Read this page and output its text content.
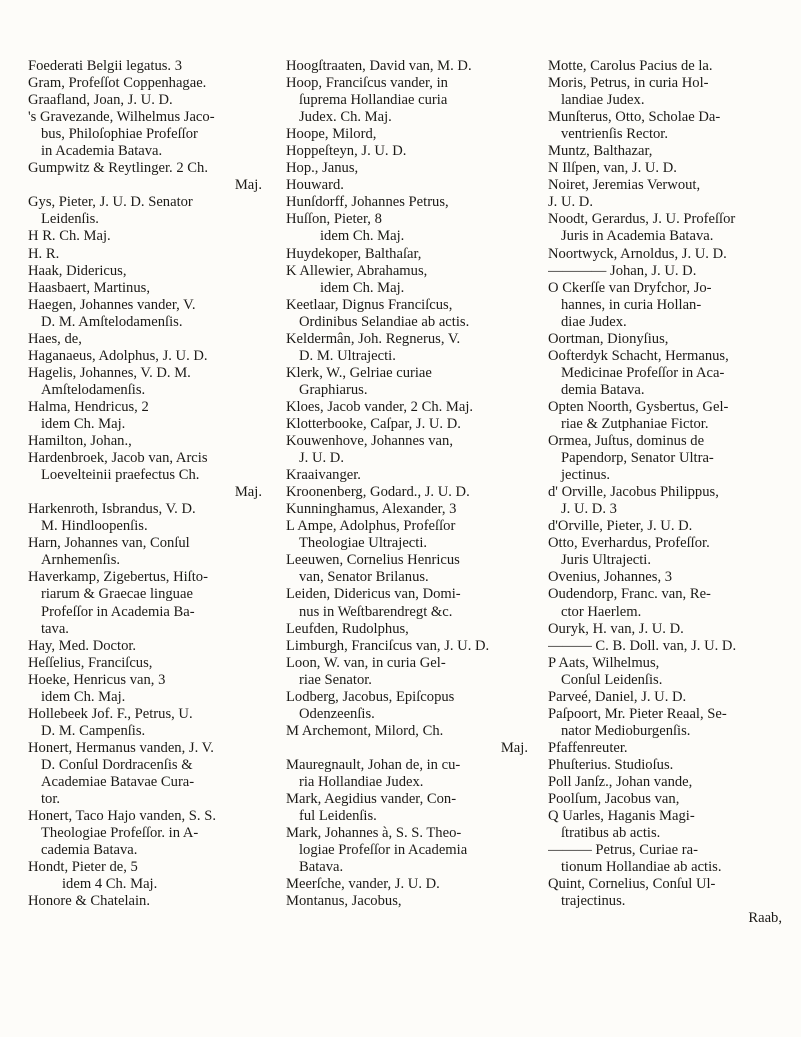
Foederati Belgii legatus. 3
Gram, Profeſſot Coppenhagae.
Graafland, Joan, J. U. D.
's Gravezande, Wilhelmus Jaco-
bus, Philoſophiae Profeſſor
in Academia Batava.
Gumpwitz & Reytlinger. 2 Ch.
Maj.
Gys, Pieter, J. U. D. Senator
Leidenſis.
H R. Ch. Maj.
H. R.
Haak, Didericus,
Haasbaert, Martinus,
Haegen, Johannes vander, V.
D. M. Amſtelodamenſis.
Haes, de,
Haganaeus, Adolphus, J. U. D.
Hagelis, Johannes, V. D. M.
Amſtelodamenſis.
Halma, Hendricus, 2
idem Ch. Maj.
Hamilton, Johan.,
Hardenbroek, Jacob van, Arcis
Loevelteinii praefectus Ch.
Maj.
Harkenroth, Isbrandus, V. D.
M. Hindloopenſis.
Harn, Johannes van, Conſul
Arnhemenſis.
Haverkamp, Zigebertus, Hiſto-
riarum & Graecae linguae
Profeſſor in Academia Ba-
tava.
Hay, Med. Doctor.
Heſſelius, Franciſcus,
Hoeke, Henricus van, 3
idem Ch. Maj.
Hollebeek Jof. F., Petrus, U.
D. M. Campenſis.
Honert, Hermanus vanden, J. V.
D. Conſul Dordracenſis &
Academiae Batavae Cura-
tor.
Honert, Taco Hajo vanden, S. S.
Theologiae Profeſſor. in A-
cademia Batava.
Hondt, Pieter de, 5
idem 4 Ch. Maj.
Honore & Chatelain.
Hoogſtraaten, David van, M. D.
Hoop, Franciſcus vander, in
ſuprema Hollandiae curia
Judex. Ch. Maj.
Hoope, Milord,
Hoppeſteyn, J. U. D.
Hop., Janus,
Houward.
Hunſdorff, Johannes Petrus,
Huſſon, Pieter, 8
idem Ch. Maj.
Huydekoper, Balthaſar,
K Allewier, Abrahamus,
idem Ch. Maj.
Keetlaar, Dignus Franciſcus,
Ordinibus Selandiae ab actis.
Keldermân, Joh. Regnerus, V.
D. M. Ultrajecti.
Klerk, W., Gelriae curiae
Graphiarus.
Kloes, Jacob vander, 2 Ch. Maj.
Klotterbooke, Caſpar, J. U. D.
Kouwenhove, Johannes van,
J. U. D.
Kraaivanger.
Kroonenberg, Godard., J. U. D.
Kunninghamus, Alexander, 3
L Ampe, Adolphus, Profeſſor
Theologiae Ultrajecti.
Leeuwen, Cornelius Henricus
van, Senator Brilanus.
Leiden, Didericus van, Domi-
nus in Weſtbarendregt &c.
Leufden, Rudolphus,
Limburgh, Franciſcus van, J. U. D.
Loon, W. van, in curia Gel-
riae Senator.
Lodberg, Jacobus, Epiſcopus
Odenzeenſis.
M Archemont, Milord, Ch.
Maj.
Mauregnault, Johan de, in cu-
ria Hollandiae Judex.
Mark, Aegidius vander, Con-
ful Leidenſis.
Mark, Johannes à, S. S. Theo-
logiae Profeſſor in Academia
Batava.
Meerſche, vander, J. U. D.
Montanus, Jacobus,
Motte, Carolus Pacius de la.
Moris, Petrus, in curia Hol-
landiae Judex.
Munſterus, Otto, Scholae Da-
ventrienſis Rector.
Muntz, Balthazar,
N Ilſpen, van, J. U. D.
Noiret, Jeremias Verwout,
J. U. D.
Noodt, Gerardus, J. U. Profeſſor
Juris in Academia Batava.
Noortwyck, Arnoldus, J. U. D.
———— Johan, J. U. D.
O Ckerſſe van Dryfchor, Jo-
hannes, in curia Hollan-
diae Judex.
Oortman, Dionyſius,
Oofterdyk Schacht, Hermanus,
Medicinae Profeſſor in Aca-
demia Batava.
Opten Noorth, Gysbertus, Gel-
riae & Zutphaniae Fictor.
Ormea, Juſtus, dominus de
Papendorp, Senator Ultra-
jectinus.
d' Orville, Jacobus Philippus,
J. U. D. 3
d'Orville, Pieter, J. U. D.
Otto, Everhardus, Profeſſor.
Juris Ultrajecti.
Ovenius, Johannes, 3
Oudendorp, Franc. van, Re-
ctor Haerlem.
Ouryk, H. van, J. U. D.
——— C. B. Doll. van, J. U. D.
P Aats, Wilhelmus,
Conſul Leidenſis.
Parveé, Daniel, J. U. D.
Paſpoort, Mr. Pieter Reaal, Se-
nator Medioburgenſis.
Pfaffenreuter.
Phuſterius. Studioſus.
Poll Janſz., Johan vande,
Poolſum, Jacobus van,
Q Uarles, Haganis Magi-
ſtratibus ab actis.
——— Petrus, Curiae ra-
tionum Hollandiae ab actis.
Quint, Cornelius, Conſul Ul-
trajectinus.
Raab,
